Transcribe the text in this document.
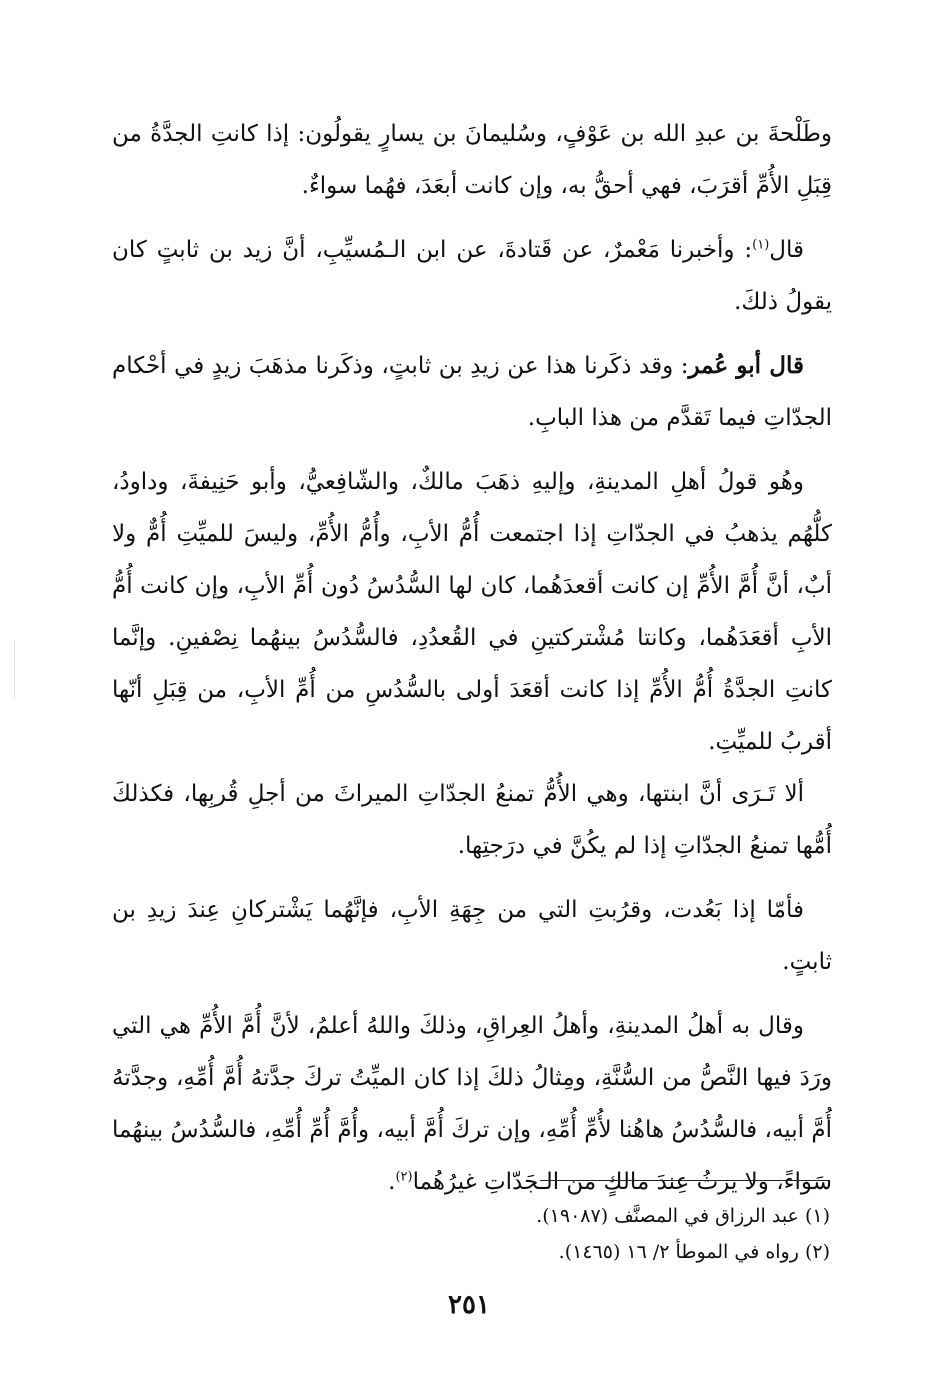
وطَلْحةَ بن عبدِ الله بن عَوْفٍ، وسُليمانَ بن يسارٍ يقولُون: إذا كانتِ الجدَّةُ من قِبَلِ الأُمِّ أقرَبَ، فهي أحقُّ به، وإن كانت أبعَدَ، فهُما سواءٌ.

قال$^{(١)}$: وأخبرنا مَعْمرٌ، عن قَتادةَ، عن ابن الـمُسيِّبِ، أنَّ زيد بن ثابتٍ كان يقولُ ذلكَ.

قال أبو عُمر: وقد ذكَرنا هذا عن زيدِ بن ثابتٍ، وذكَرنا مذهَبَ زيدٍ في أحْكام الجدّاتِ فيما تَقدَّم من هذا البابِ.

وهُو قولُ أهلِ المدينةِ، وإليهِ ذهَبَ مالكٌ، والشّافِعيُّ، وأبو حَنِيفةَ، وداودُ، كلُّهُم يذهبُ في الجدّاتِ إذا اجتمعت أُمُّ الأبِ، وأُمُّ الأُمِّ، وليسَ للميِّتِ أُمٌّ ولا أبٌ، أنَّ أُمَّ الأُمِّ إن كانت أقعدَهُما، كان لها السُّدُسُ دُون أُمِّ الأبِ، وإن كانت أُمُّ الأبِ أقعَدَهُما، وكانتا مُشْتركتينِ في القُعدُدِ، فالسُّدُسُ بينهُما نِصْفينِ. وإنَّما كانتِ الجدَّةُ أُمُّ الأُمِّ إذا كانت أقعَدَ أولى بالسُّدُسِ من أُمِّ الأبِ، من قِبَلِ أنّها أقربُ للميِّتِ.

ألا تَـرَى أنَّ ابنتها، وهي الأُمُّ تمنعُ الجدّاتِ الميراثَ من أجلِ قُربِها، فكذلكَ أُمُّها تمنعُ الجدّاتِ إذا لم يكُنَّ في درَجتِها.

فأمّا إذا بَعُدت، وقرُبتِ التي من جِهَةِ الأبِ، فإنَّهُما يَشْتركانِ عِندَ زيدِ بن ثابتٍ.

وقال به أهلُ المدينةِ، وأهلُ العِراقِ، وذلكَ واللهُ أعلمُ، لأنَّ أُمَّ الأُمِّ هي التي ورَدَ فيها النَّصُّ من السُّنَّةِ، ومِثالُ ذلكَ إذا كان الميِّتُ تركَ جدَّتهُ أُمَّ أُمِّهِ، وجدَّتهُ أُمَّ أبيه، فالسُّدُسُ هاهُنا لأُمِّ أُمِّهِ، وإن تركَ أُمَّ أبيه، وأُمَّ أُمِّ أُمِّهِ، فالسُّدُسُ بينهُما سَواءً، ولا يرثُ عِندَ مالكٍ من الـجَدّاتِ غيرُهُما$^{(٢)}$.

(١) عبد الرزاق في المصنَّف (١٩٠٨٧).
(٢) رواه في الموطأ ٢/ ١٦ (١٤٦٥).
٢٥١
